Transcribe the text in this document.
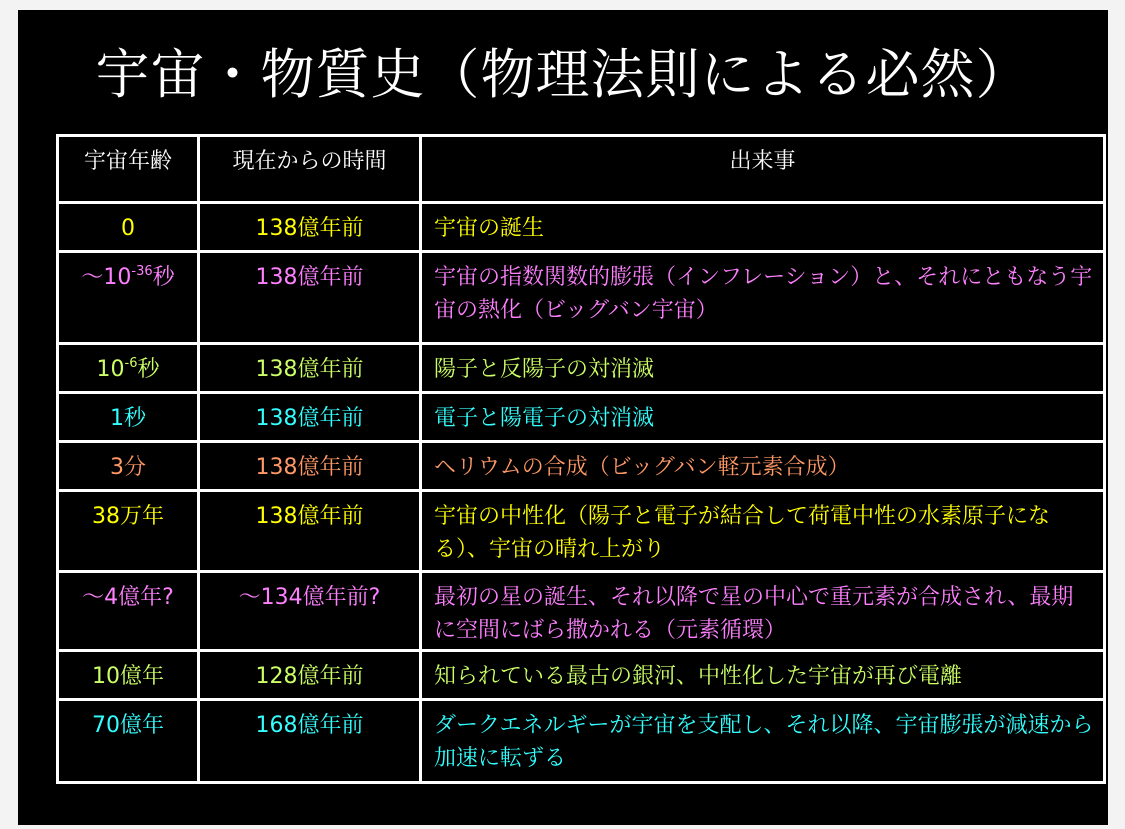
宇宙・物質史（物理法則による必然）
宇宙年齢	現在からの時間	出来事
0	138億年前	宇宙の誕生
$\sim 10^{-36}$秒	138億年前	宇宙の指数関数的膨張（インフレーション）と、それにともなう宇宙の熱化（ビッグバン宇宙）
$10^{-6}$秒	138億年前	陽子と反陽子の対消滅
1秒	138億年前	電子と陽電子の対消滅
3分	138億年前	ヘリウムの合成（ビッグバン軽元素合成）
38万年	138億年前	宇宙の中性化（陽子と電子が結合して荷電中性の水素原子になる）、宇宙の晴れ上がり
～4億年?	～134億年前?	最初の星の誕生、それ以降で星の中心で重元素が合成され、最期に空間にばら撒かれる（元素循環）
10億年	128億年前	知られている最古の銀河、中性化した宇宙が再び電離
70億年	168億年前	ダークエネルギーが宇宙を支配し、それ以降、宇宙膨張が減速から加速に転ずる
